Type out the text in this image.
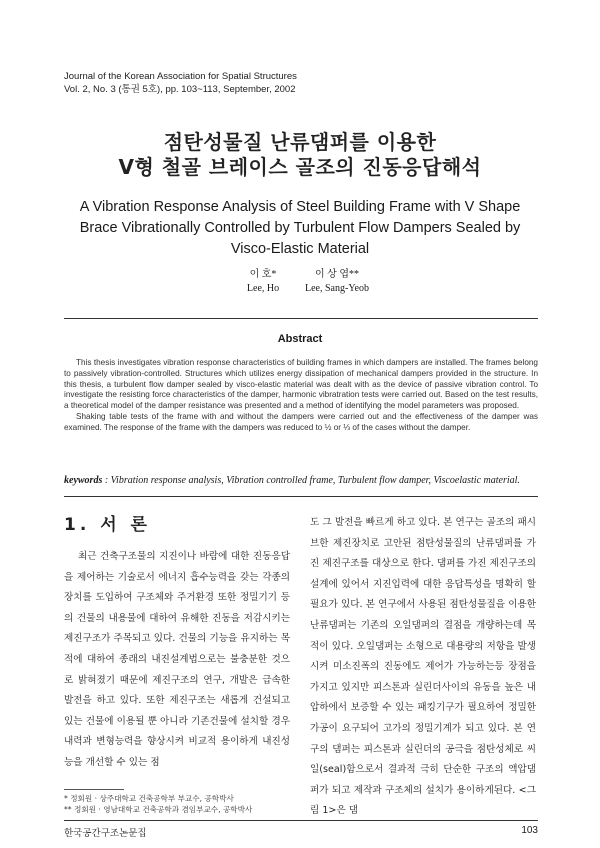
Journal of the Korean Association for Spatial Structures
Vol. 2, No. 3 (통권 5호), pp. 103~113, September, 2002
점탄성물질 난류댐퍼를 이용한
V형 철골 브레이스 골조의 진동응답해석
A Vibration Response Analysis of Steel Building Frame with V Shape
Brace Vibrationally Controlled by Turbulent Flow Dampers Sealed by
Visco-Elastic Material
이 호*
Lee, Ho
이 상 엽**
Lee, Sang-Yeob
Abstract
This thesis investigates vibration response characteristics of building frames in which dampers are installed. The frames belong to passively vibration-controlled. Structures which utilizes energy dissipation of mechanical dampers provided in the structure. In this thesis, a turbulent flow damper sealed by visco-elastic material was dealt with as the device of passive vibration control. To investigate the resisting force characteristics of the damper, harmonic vibratration tests were carried out. Based on the test results, a theoretical model of the damper resistance was presented and a method of identifying the model parameters was proposed.
Shaking table tests of the frame with and without the dampers were carried out and the effectiveness of the damper was examined. The response of the frame with the dampers was reduced to ½ or ⅓ of the cases without the damper.

keywords : Vibration response analysis, Vibration controlled frame, Turbulent flow damper, Viscoelastic material.

1. 서 론

최근 건축구조물의 지진이나 바람에 대한 진동응답을 제어하는 기술로서 에너지 흡수능력을 갖는 각종의 장치를 도입하여 구조체와 주거환경 또한 정밀기기 등의 건물의 내용물에 대하여 유해한 진동을 저감시키는 제진구조가 주목되고 있다. 건물의 기능을 유지하는 목적에 대하여 종래의 내진설계법으로는 불충분한 것으로 밝혀졌기 때문에 제진구조의 연구, 개발은 급속한 발전을 하고 있다. 또한 제진구조는 새롭게 건설되고 있는 건물에 이용될 뿐 아니라 기존건물에 설치할 경우 내력과 변형능력을 향상시켜 비교적 용이하게 내진성능을 개선할 수 있는 점

도 그 발전을 빠르게 하고 있다. 본 연구는 골조의 패시브한 제진장치로 고안된 점탄성물질의 난류댐퍼를 가진 제진구조를 대상으로 한다. 댐퍼를 가진 제진구조의 설계에 있어서 지진입력에 대한 응답특성을 명확히 할 필요가 있다. 본 연구에서 사용된 점탄성물질을 이용한 난류댐퍼는 기존의 오일댐퍼의 결점을 개량하는데 목적이 있다. 오일댐퍼는 소형으로 대용량의 저항을 발생시켜 미소진폭의 진동에도 제어가 가능하는등 장점을 가지고 있지만 피스톤과 실린더사이의 유동을 높은 내압하에서 보증할 수 있는 패킹기구가 필요하여 정밀한 가공이 요구되어 고가의 정밀기계가 되고 있다. 본 연구의 댐퍼는 피스톤과 실린더의 공극을 점탄성체로 씨일(seal)함으로서 결과적 극히 단순한 구조의 액압댐퍼가 되고 제작과 구조체의 설치가 용이하게된다. <그림 1>은 댐

* 정회원 · 상주대학교 건축공학부 부교수, 공학박사
** 정회원 · 영남대학교 건축공학과 겸임부교수, 공학박사
한국공간구조논문집	103
